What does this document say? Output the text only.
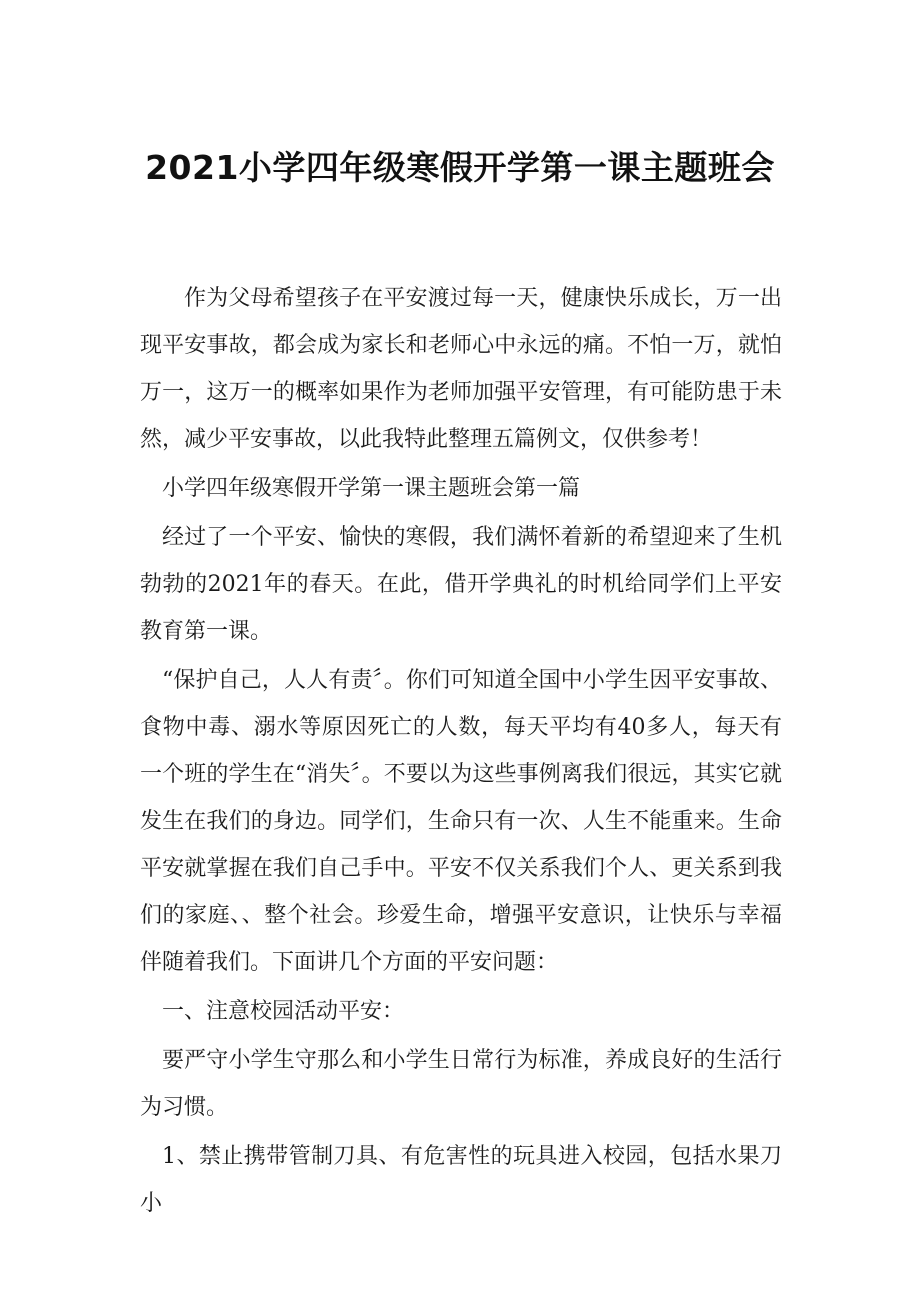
2021小学四年级寒假开学第一课主题班会

作为父母希望孩子在平安渡过每一天，健康快乐成长，万一出现平安事故，都会成为家长和老师心中永远的痛。不怕一万，就怕万一，这万一的概率如果作为老师加强平安管理，有可能防患于未然，减少平安事故，以此我特此整理五篇例文，仅供参考！

小学四年级寒假开学第一课主题班会第一篇

经过了一个平安、愉快的寒假，我们满怀着新的希望迎来了生机勃勃的2021年的春天。在此，借开学典礼的时机给同学们上平安教育第一课。

“保护自己，人人有责〞。你们可知道全国中小学生因平安事故、食物中毒、溺水等原因死亡的人数，每天平均有40多人，每天有一个班的学生在“消失〞。不要以为这些事例离我们很远，其实它就发生在我们的身边。同学们，生命只有一次、人生不能重来。生命平安就掌握在我们自己手中。平安不仅关系我们个人、更关系到我们的家庭、、整个社会。珍爱生命，增强平安意识，让快乐与幸福伴随着我们。下面讲几个方面的平安问题：

一、注意校园活动平安：

要严守小学生守那么和小学生日常行为标准，养成良好的生活行为习惯。

1、禁止携带管制刀具、有危害性的玩具进入校园，包括水果刀小
